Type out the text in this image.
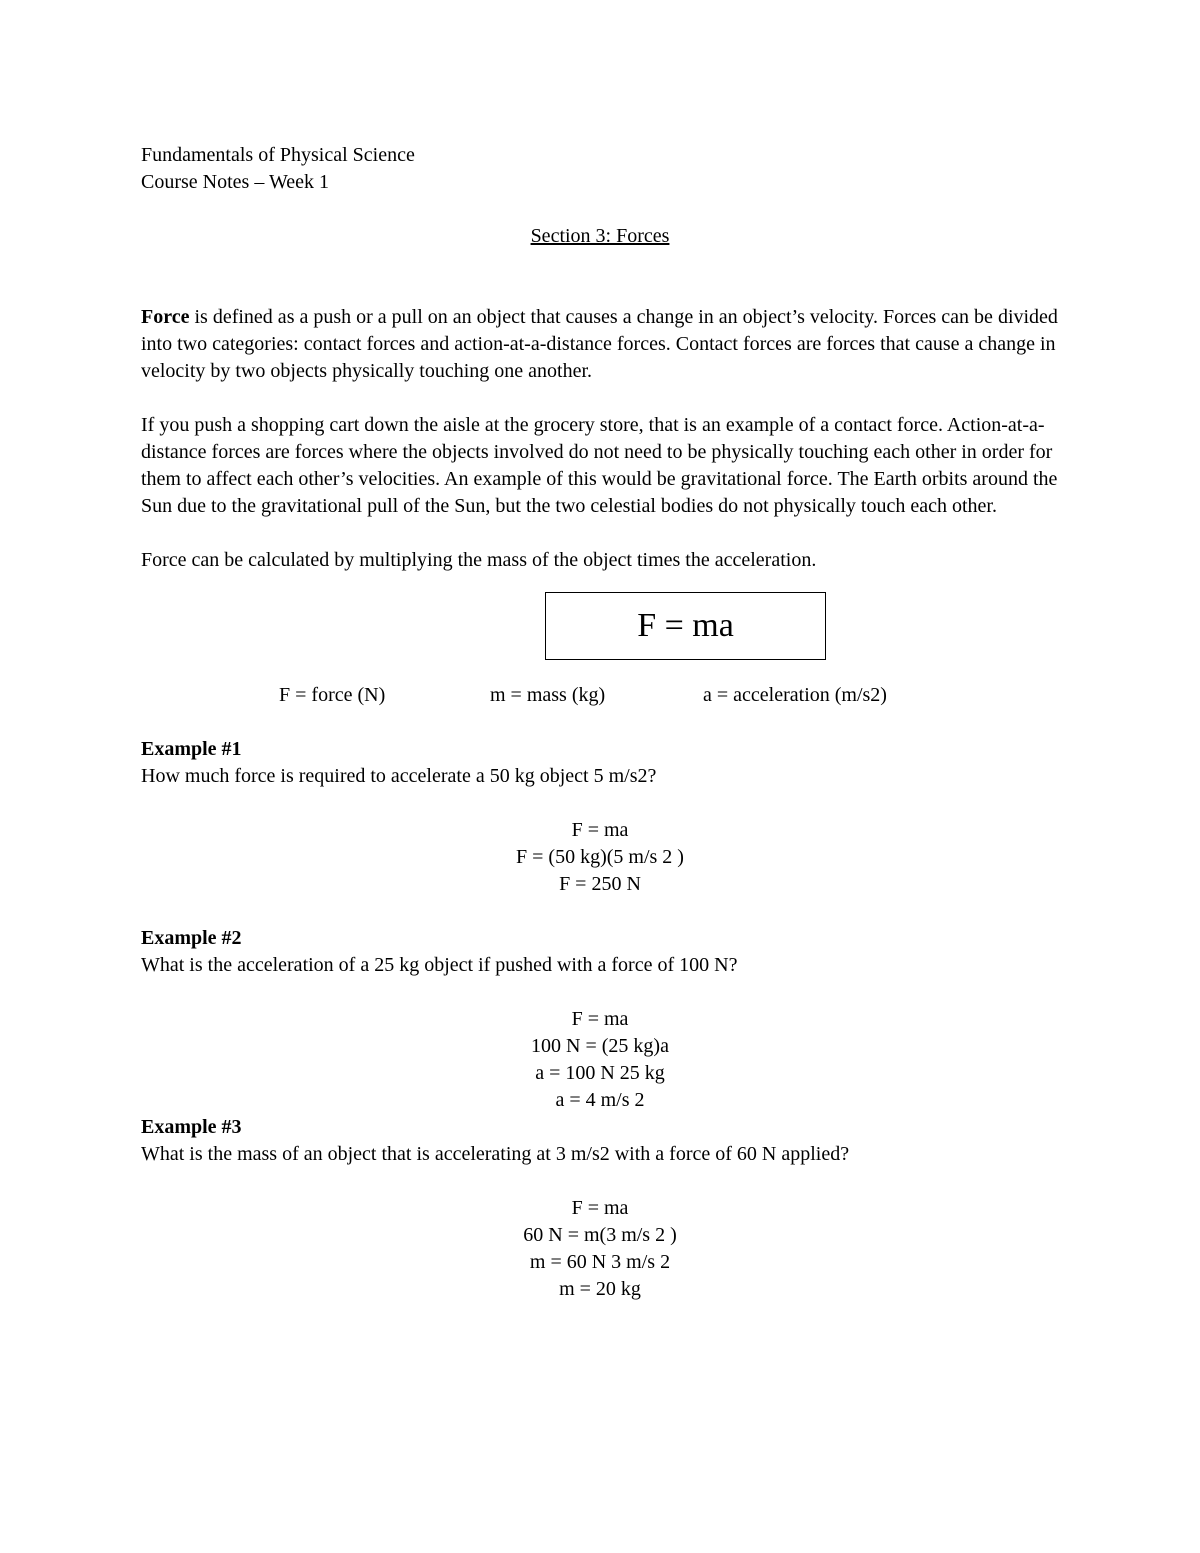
Fundamentals of Physical Science

Course Notes – Week 1

Section 3: Forces

Force is defined as a push or a pull on an object that causes a change in an object’s velocity. Forces can be divided into two categories: contact forces and action-at-a-distance forces. Contact forces are forces that cause a change in velocity by two objects physically touching one another.

If you push a shopping cart down the aisle at the grocery store, that is an example of a contact force. Action-at-a-distance forces are forces where the objects involved do not need to be physically touching each other in order for them to affect each other’s velocities. An example of this would be gravitational force. The Earth orbits around the Sun due to the gravitational pull of the Sun, but the two celestial bodies do not physically touch each other.

Force can be calculated by multiplying the mass of the object times the acceleration.

F = ma
F = force (N)	m = mass (kg)	a = acceleration (m/s2)
Example #1
How much force is required to accelerate a 50 kg object 5 m/s2?
F = ma
F = (50 kg)(5 m/s 2 )
F = 250 N
Example #2
What is the acceleration of a 25 kg object if pushed with a force of 100 N?
F = ma
100 N = (25 kg)a
a = 100 N 25 kg
a = 4 m/s 2
Example #3
What is the mass of an object that is accelerating at 3 m/s2 with a force of 60 N applied?
F = ma
60 N = m(3 m/s 2 )
m = 60 N 3 m/s 2
m = 20 kg
